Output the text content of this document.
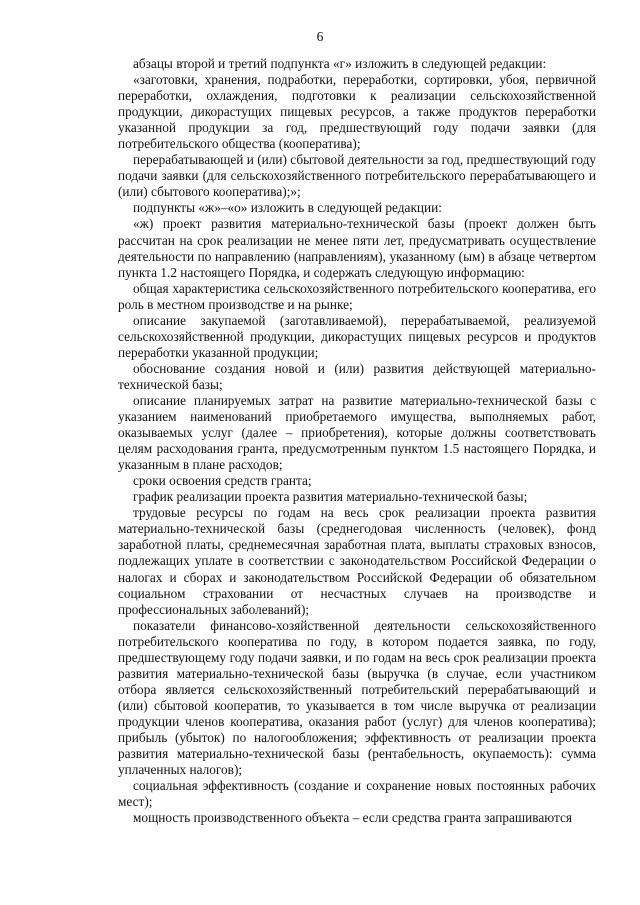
6

абзацы второй и третий подпункта «г» изложить в следующей редакции:

«заготовки, хранения, подработки, переработки, сортировки, убоя, первичной переработки, охлаждения, подготовки к реализации сельскохозяйственной продукции, дикорастущих пищевых ресурсов, а также продуктов переработки указанной продукции за год, предшествующий году подачи заявки (для потребительского общества (кооператива);

перерабатывающей и (или) сбытовой деятельности за год, предшествующий году подачи заявки (для сельскохозяйственного потребительского перерабатывающего и (или) сбытового кооператива);»;

подпункты «ж»–«о» изложить в следующей редакции:

«ж) проект развития материально-технической базы (проект должен быть рассчитан на срок реализации не менее пяти лет, предусматривать осуществление деятельности по направлению (направлениям), указанному (ым) в абзаце четвертом пункта 1.2 настоящего Порядка, и содержать следующую информацию:

общая характеристика сельскохозяйственного потребительского кооператива, его роль в местном производстве и на рынке;

описание закупаемой (заготавливаемой), перерабатываемой, реализуемой сельскохозяйственной продукции, дикорастущих пищевых ресурсов и продуктов переработки указанной продукции;

обоснование создания новой и (или) развития действующей материально-технической базы;

описание планируемых затрат на развитие материально-технической базы с указанием наименований приобретаемого имущества, выполняемых работ, оказываемых услуг (далее – приобретения), которые должны соответствовать целям расходования гранта, предусмотренным пунктом 1.5 настоящего Порядка, и указанным в плане расходов;

сроки освоения средств гранта;

график реализации проекта развития материально-технической базы;

трудовые ресурсы по годам на весь срок реализации проекта развития материально-технической базы (среднегодовая численность (человек), фонд заработной платы, среднемесячная заработная плата, выплаты страховых взносов, подлежащих уплате в соответствии с законодательством Российской Федерации о налогах и сборах и законодательством Российской Федерации об обязательном социальном страховании от несчастных случаев на производстве и профессиональных заболеваний);

показатели финансово-хозяйственной деятельности сельскохозяйственного потребительского кооператива по году, в котором подается заявка, по году, предшествующему году подачи заявки, и по годам на весь срок реализации проекта развития материально-технической базы (выручка (в случае, если участником отбора является сельскохозяйственный потребительский перерабатывающий и (или) сбытовой кооператив, то указывается в том числе выручка от реализации продукции членов кооператива, оказания работ (услуг) для членов кооператива); прибыль (убыток) по налогообложения; эффективность от реализации проекта развития материально-технической базы (рентабельность, окупаемость): сумма уплаченных налогов);

социальная эффективность (создание и сохранение новых постоянных рабочих мест);

мощность производственного объекта – если средства гранта запрашиваются
